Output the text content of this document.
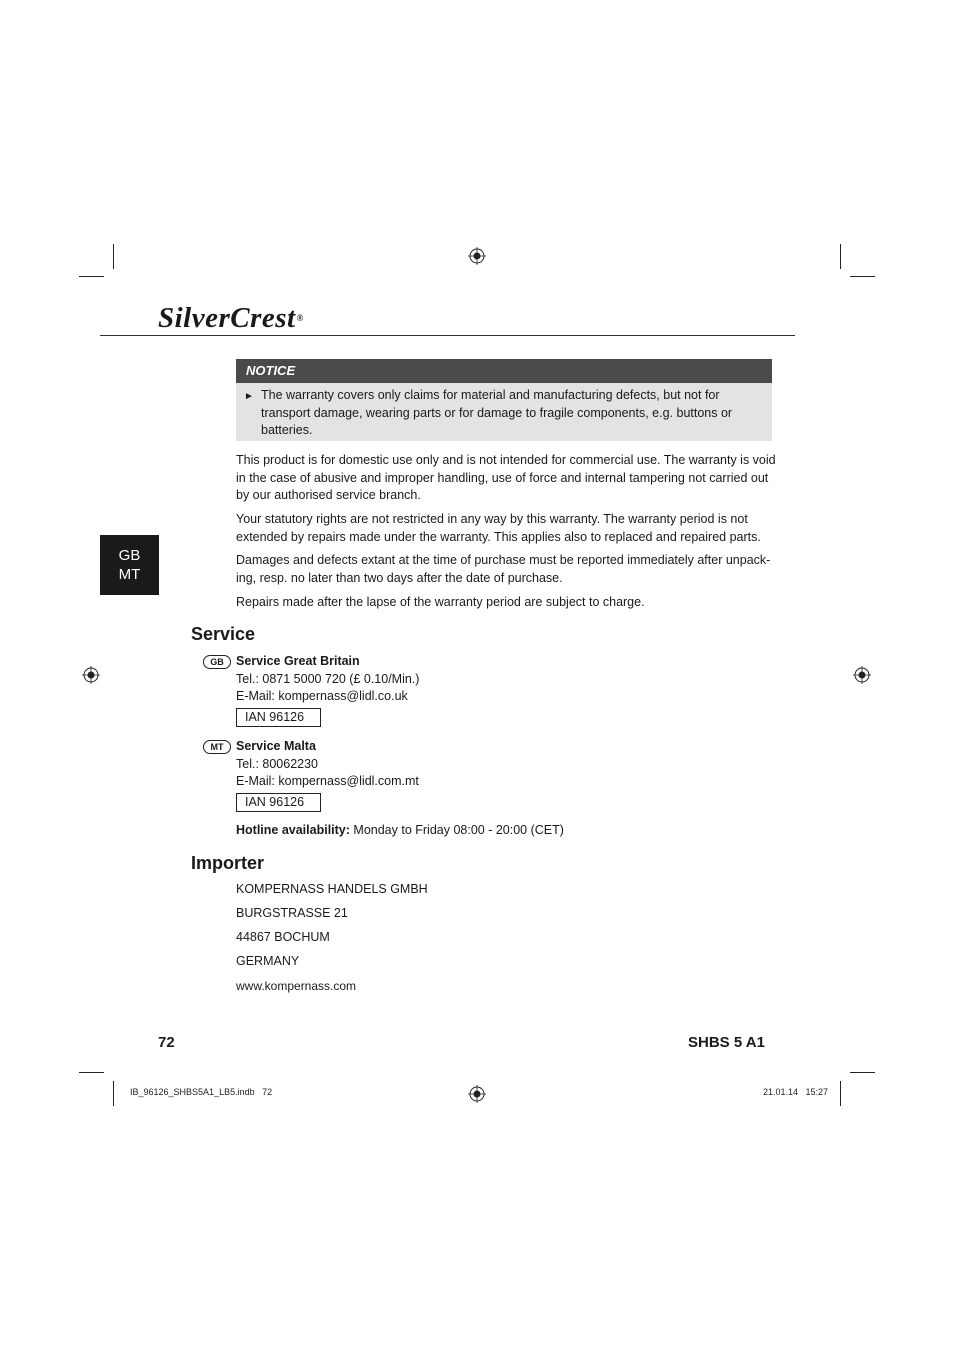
SilverCrest®
NOTICE
► The warranty covers only claims for material and manufacturing defects, but not for transport damage, wearing parts or for damage to fragile components, e.g. buttons or batteries.
GB
MT
This product is for domestic use only and is not intended for commercial use. The warranty is void in the case of abusive and improper handling, use of force and internal tampering not carried out by our authorised service branch.
Your statutory rights are not restricted in any way by this warranty. The warranty period is not extended by repairs made under the warranty. This applies also to replaced and repaired parts.
Damages and defects extant at the time of purchase must be reported immediately after unpack-ing, resp. no later than two days after the date of purchase.
Repairs made after the lapse of the warranty period are subject to charge.
Service
GB Service Great Britain
Tel.: 0871 5000 720 (£ 0.10/Min.)
E-Mail: kompernass@lidl.co.uk
IAN 96126
MT	Service Malta
Tel.: 80062230
E-Mail: kompernass@lidl.com.mt
IAN 96126
Hotline availability: Monday to Friday 08:00 - 20:00 (CET)
Importer
KOMPERNASS HANDELS GMBH
BURGSTRASSE 21
44867 BOCHUM
GERMANY
www.kompernass.com
72	SHBS 5 A1
IB_96126_SHBS5A1_LB5.indb   72	21.01.14   15:27
